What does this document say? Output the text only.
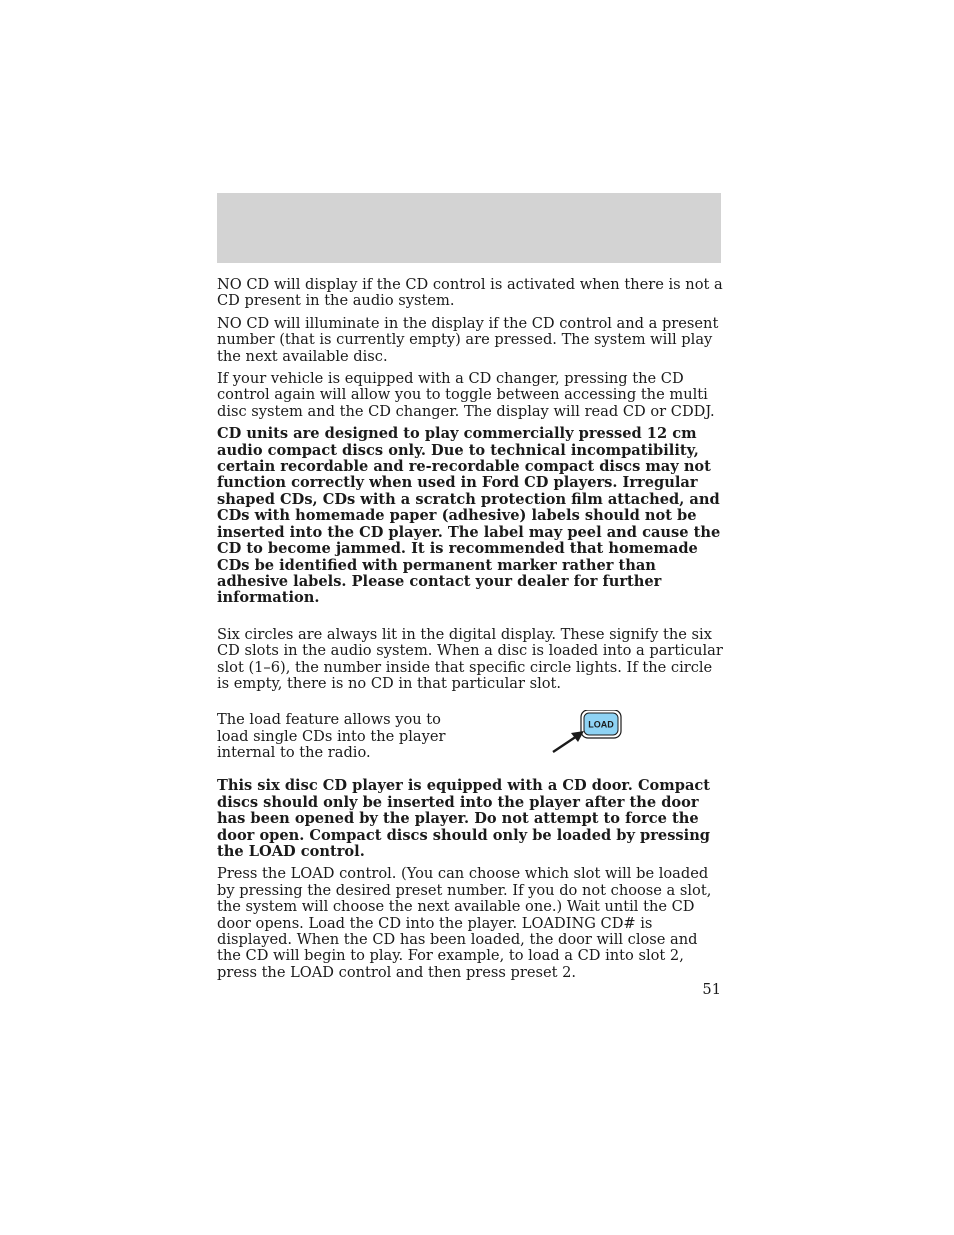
NO CD will display if the CD control is activated when there is not a CD present in the audio system.

NO CD will illuminate in the display if the CD control and a present number (that is currently empty) are pressed. The system will play the next available disc.

If your vehicle is equipped with a CD changer, pressing the CD control again will allow you to toggle between accessing the multi disc system and the CD changer. The display will read CD or CDDJ.

CD units are designed to play commercially pressed 12 cm audio compact discs only. Due to technical incompatibility, certain recordable and re-recordable compact discs may not function correctly when used in Ford CD players. Irregular shaped CDs, CDs with a scratch protection film attached, and CDs with homemade paper (adhesive) labels should not be inserted into the CD player. The label may peel and cause the CD to become jammed. It is recommended that homemade CDs be identified with permanent marker rather than adhesive labels. Please contact your dealer for further information.

Six circles are always lit in the digital display. These signify the six CD slots in the audio system. When a disc is loaded into a particular slot (1–6), the number inside that specific circle lights. If the circle is empty, there is no CD in that particular slot.

The load feature allows you to load single CDs into the player internal to the radio.

LOAD

This six disc CD player is equipped with a CD door. Compact discs should only be inserted into the player after the door has been opened by the player. Do not attempt to force the door open. Compact discs should only be loaded by pressing the LOAD control.

Press the LOAD control. (You can choose which slot will be loaded by pressing the desired preset number. If you do not choose a slot, the system will choose the next available one.) Wait until the CD door opens. Load the CD into the player. LOADING CD# is displayed. When the CD has been loaded, the door will close and the CD will begin to play. For example, to load a CD into slot 2, press the LOAD control and then press preset 2.

51
